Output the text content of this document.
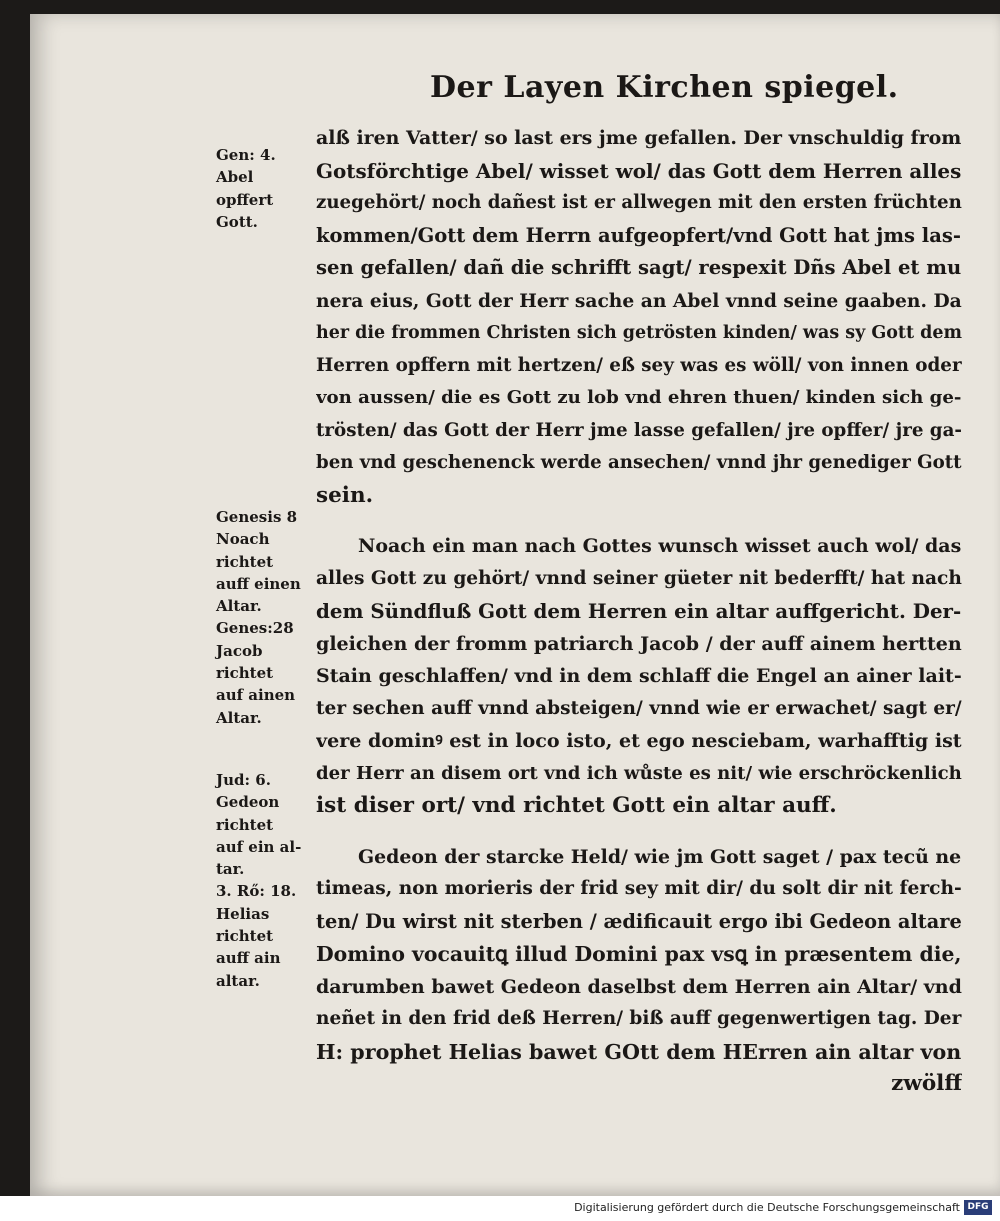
Der Layen Kirchen spiegel.
Gen: 4.
Abel
opffert
Gott.
Genesis 8
Noach
richtet
auff einen
Altar.
Genes:28
Jacob
richtet
auf ainen
Altar.
Jud: 6.
Gedeon
richtet
auf ein al-
tar.
3. Rő: 18.
Helias
richtet
auff ain
altar.
alß iren Vatter/ so last ers jme gefallen. Der vnschuldig from
Gotsförchtige Abel/ wisset wol/ das Gott dem Herren alles
zuegehört/ noch dañest ist er allwegen mit den ersten früchten
kommen/Gott dem Herrn aufgeopfert/vnd Gott hat jms las-
sen gefallen/ dañ die schrifft sagt/ respexit Dñs Abel et mu
nera eius, Gott der Herr sache an Abel vnnd seine gaaben. Da
her die frommen Christen sich getrösten kinden/ was sy Gott dem
Herren opffern mit hertzen/ eß sey was es wöll/ von innen oder
von aussen/ die es Gott zu lob vnd ehren thuen/ kinden sich ge-
trösten/ das Gott der Herr jme lasse gefallen/ jre opffer/ jre ga-
ben vnd geschenenck werde ansechen/ vnnd jhr genediger Gott
sein.
Noach ein man nach Gottes wunsch wisset auch wol/ das
alles Gott zu gehört/ vnnd seiner güeter nit bederfft/ hat nach
dem Sündfluß Gott dem Herren ein altar auffgericht. Der-
gleichen der fromm patriarch Jacob / der auff ainem hertten
Stain geschlaffen/ vnd in dem schlaff die Engel an ainer lait-
ter sechen auff vnnd absteigen/ vnnd wie er erwachet/ sagt er/
vere dominꝰ est in loco isto, et ego nesciebam, warhafftig ist
der Herr an disem ort vnd ich wůste es nit/ wie erschröckenlich
ist diser ort/ vnd richtet Gott ein altar auff.
Gedeon der starcke Held/ wie jm Gott saget / pax tecũ ne
timeas, non morieris der frid sey mit dir/ du solt dir nit ferch-
ten/ Du wirst nit sterben / ædificauit ergo ibi Gedeon altare
Domino vocauitꝗ illud Domini pax vsꝗ in præsentem die,
darumben bawet Gedeon daselbst dem Herren ain Altar/ vnd
neñet in den frid deß Herren/ biß auff gegenwertigen tag. Der
H: prophet Helias bawet GOtt dem HErren ain altar von
zwölff
Digitalisierung gefördert durch die Deutsche Forschungsgemeinschaft DFG
